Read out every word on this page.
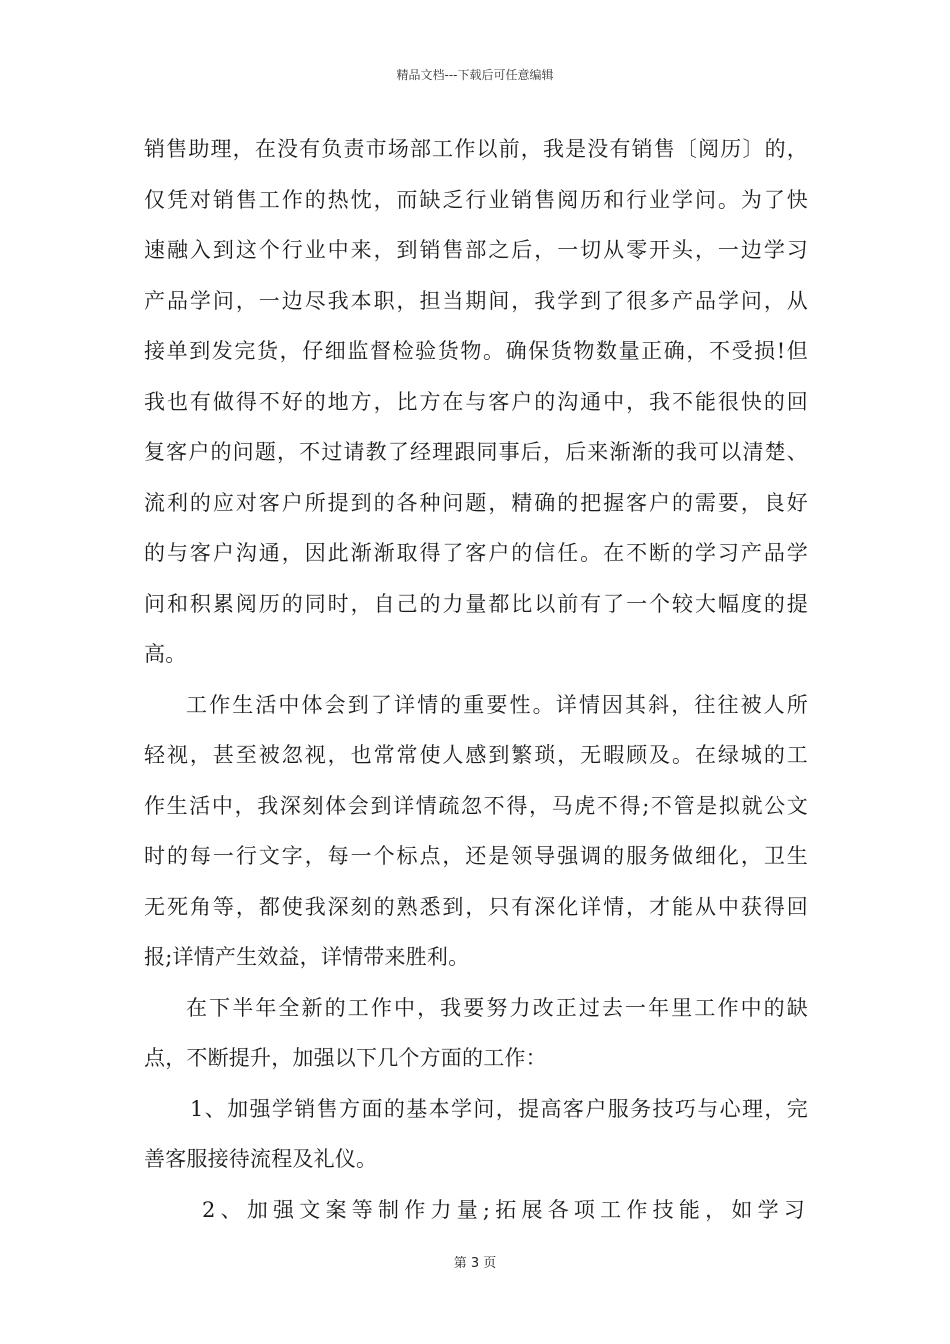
精品文档---下载后可任意编辑
销售助理，在没有负责市场部工作以前，我是没有销售〔阅历〕的，
仅凭对销售工作的热忱，而缺乏行业销售阅历和行业学问。为了快
速融入到这个行业中来，到销售部之后，一切从零开头，一边学习
产品学问，一边尽我本职，担当期间，我学到了很多产品学问，从
接单到发完货，仔细监督检验货物。确保货物数量正确，不受损!但
我也有做得不好的地方，比方在与客户的沟通中，我不能很快的回
复客户的问题，不过请教了经理跟同事后，后来渐渐的我可以清楚、
流利的应对客户所提到的各种问题，精确的把握客户的需要，良好
的与客户沟通，因此渐渐取得了客户的信任。在不断的学习产品学
问和积累阅历的同时，自己的力量都比以前有了一个较大幅度的提
高。
工作生活中体会到了详情的重要性。详情因其斜，往往被人所
轻视，甚至被忽视，也常常使人感到繁琐，无暇顾及。在绿城的工
作生活中，我深刻体会到详情疏忽不得，马虎不得;不管是拟就公文
时的每一行文字，每一个标点，还是领导强调的服务做细化，卫生
无死角等，都使我深刻的熟悉到，只有深化详情，才能从中获得回
报;详情产生效益，详情带来胜利。
在下半年全新的工作中，我要努力改正过去一年里工作中的缺
点，不断提升，加强以下几个方面的工作：
1、加强学销售方面的基本学问，提高客户服务技巧与心理，完
善客服接待流程及礼仪。
2、加强文案等制作力量;拓展各项工作技能，如学习
第 3 页
